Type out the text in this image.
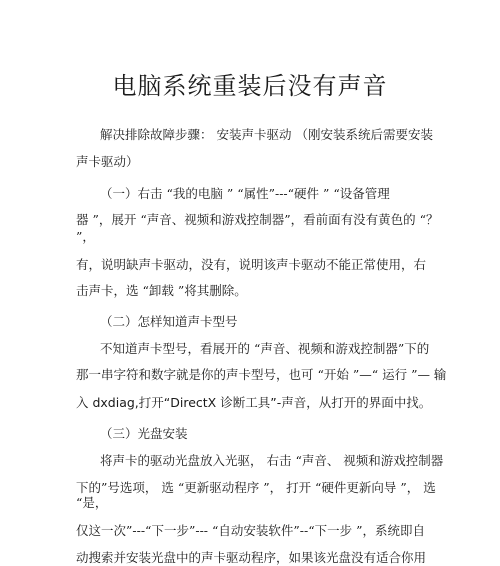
电脑系统重装后没有声音
解决排除故障步骤： 安装声卡驱动 （刚安装系统后需要安装
声卡驱动）
（一）右击 “我的电脑 ” “属性”---“硬件 ” “设备管理
器 ”，展开 “声音、视频和游戏控制器”，看前面有没有黄色的 “？
”，
有，说明缺声卡驱动，没有，说明该声卡驱动不能正常使用，右
击声卡，选 “卸载 ”将其删除。
（二）怎样知道声卡型号
不知道声卡型号，看展开的 “声音、视频和游戏控制器”下的
那一串字符和数字就是你的声卡型号，也可 “开始 ”—“ 运行 ”— 输
入 dxdiag,打开“DirectX 诊断工具”-声音，从打开的界面中找。
（三）光盘安装
将声卡的驱动光盘放入光驱， 右击 “声音、 视频和游戏控制器
下的”号选项， 选 “更新驱动程序 ”， 打开 “硬件更新向导 ”， 选
“是，
仅这一次”---“下一步”--- “自动安装软件”--“下一步 ”，系统即自
动搜索并安装光盘中的声卡驱动程序，如果该光盘没有适合你用
